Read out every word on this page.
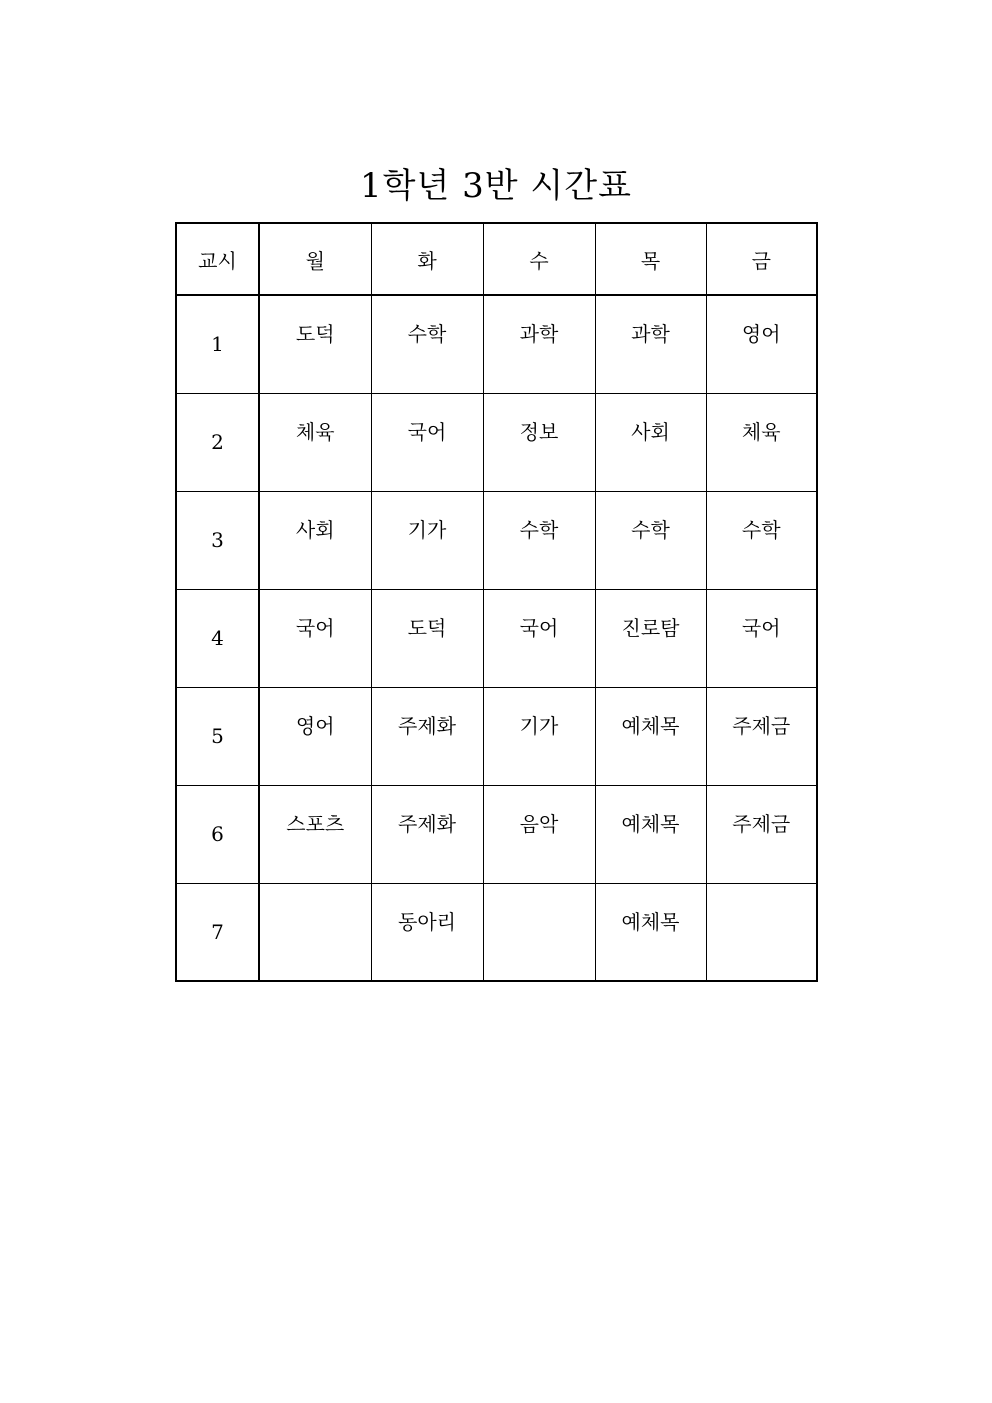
1학년 3반 시간표
교시	월	화	수	목	금
1	도덕	수학	과학	과학	영어
2	체육	국어	정보	사회	체육
3	사회	기가	수학	수학	수학
4	국어	도덕	국어	진로탐	국어
5	영어	주제화	기가	예체목	주제금
6	스포츠	주제화	음악	예체목	주제금
7		동아리		예체목	
